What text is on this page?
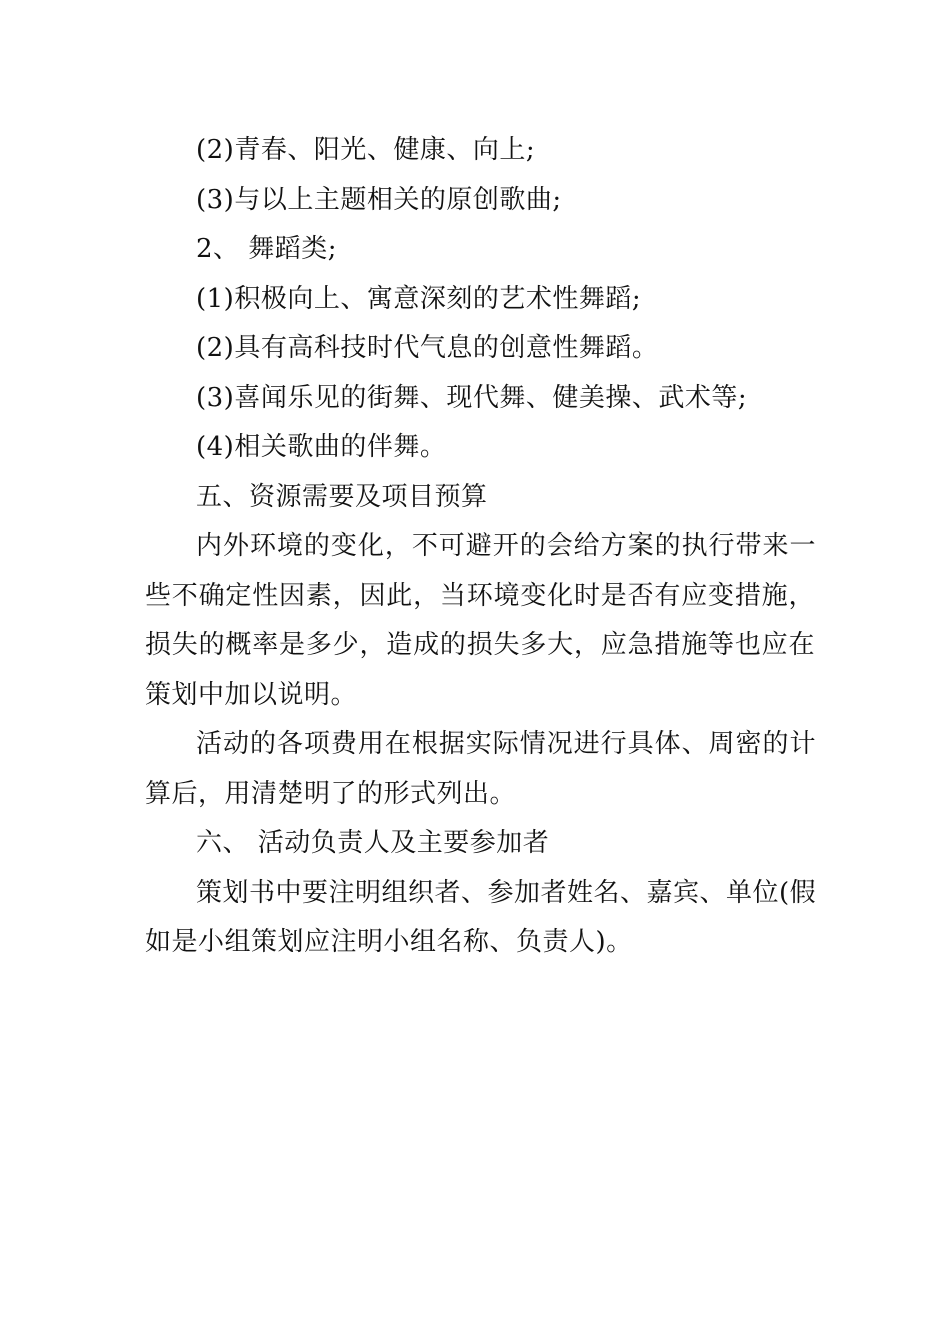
(2)青春、阳光、健康、向上;
(3)与以上主题相关的原创歌曲;
2、 舞蹈类;
(1)积极向上、寓意深刻的艺术性舞蹈;
(2)具有高科技时代气息的创意性舞蹈。
(3)喜闻乐见的街舞、现代舞、健美操、武术等;
(4)相关歌曲的伴舞。
五、资源需要及项目预算
内外环境的变化，不可避开的会给方案的执行带来一
些不确定性因素，因此，当环境变化时是否有应变措施，
损失的概率是多少，造成的损失多大，应急措施等也应在
策划中加以说明。
活动的各项费用在根据实际情况进行具体、周密的计
算后，用清楚明了的形式列出。
六、 活动负责人及主要参加者
策划书中要注明组织者、参加者姓名、嘉宾、单位(假
如是小组策划应注明小组名称、负责人)。
